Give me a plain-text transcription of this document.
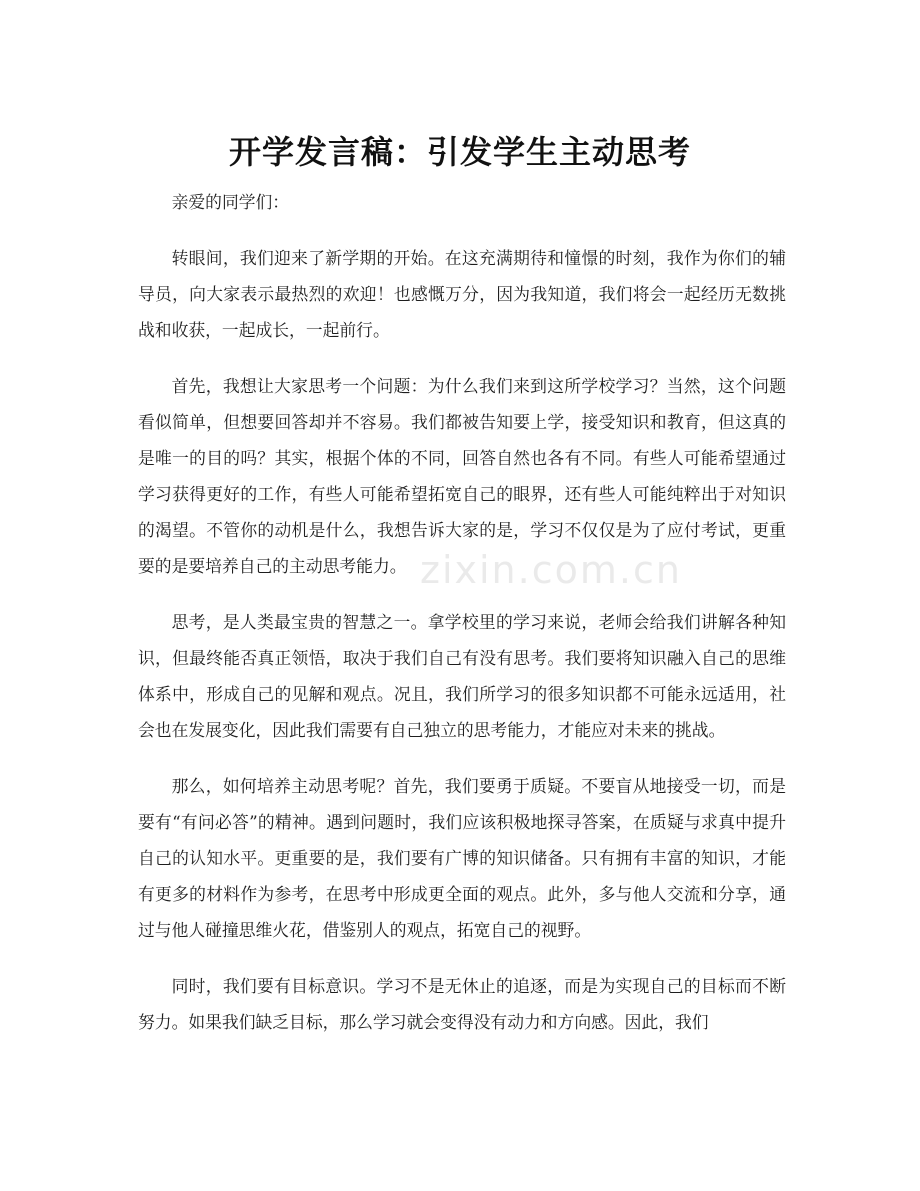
开学发言稿：引发学生主动思考

亲爱的同学们：

转眼间，我们迎来了新学期的开始。在这充满期待和憧憬的时刻，我作为你们的辅导员，向大家表示最热烈的欢迎！也感慨万分，因为我知道，我们将会一起经历无数挑战和收获，一起成长，一起前行。

首先，我想让大家思考一个问题：为什么我们来到这所学校学习？当然，这个问题看似简单，但想要回答却并不容易。我们都被告知要上学，接受知识和教育，但这真的是唯一的目的吗？其实，根据个体的不同，回答自然也各有不同。有些人可能希望通过学习获得更好的工作，有些人可能希望拓宽自己的眼界，还有些人可能纯粹出于对知识的渴望。不管你的动机是什么，我想告诉大家的是，学习不仅仅是为了应付考试，更重要的是要培养自己的主动思考能力。

思考，是人类最宝贵的智慧之一。拿学校里的学习来说，老师会给我们讲解各种知识，但最终能否真正领悟，取决于我们自己有没有思考。我们要将知识融入自己的思维体系中，形成自己的见解和观点。况且，我们所学习的很多知识都不可能永远适用，社会也在发展变化，因此我们需要有自己独立的思考能力，才能应对未来的挑战。

那么，如何培养主动思考呢？首先，我们要勇于质疑。不要盲从地接受一切，而是要有“有问必答”的精神。遇到问题时，我们应该积极地探寻答案，在质疑与求真中提升自己的认知水平。更重要的是，我们要有广博的知识储备。只有拥有丰富的知识，才能有更多的材料作为参考，在思考中形成更全面的观点。此外，多与他人交流和分享，通过与他人碰撞思维火花，借鉴别人的观点，拓宽自己的视野。

同时，我们要有目标意识。学习不是无休止的追逐，而是为实现自己的目标而不断努力。如果我们缺乏目标，那么学习就会变得没有动力和方向感。因此，我们

zixin.com.cn
